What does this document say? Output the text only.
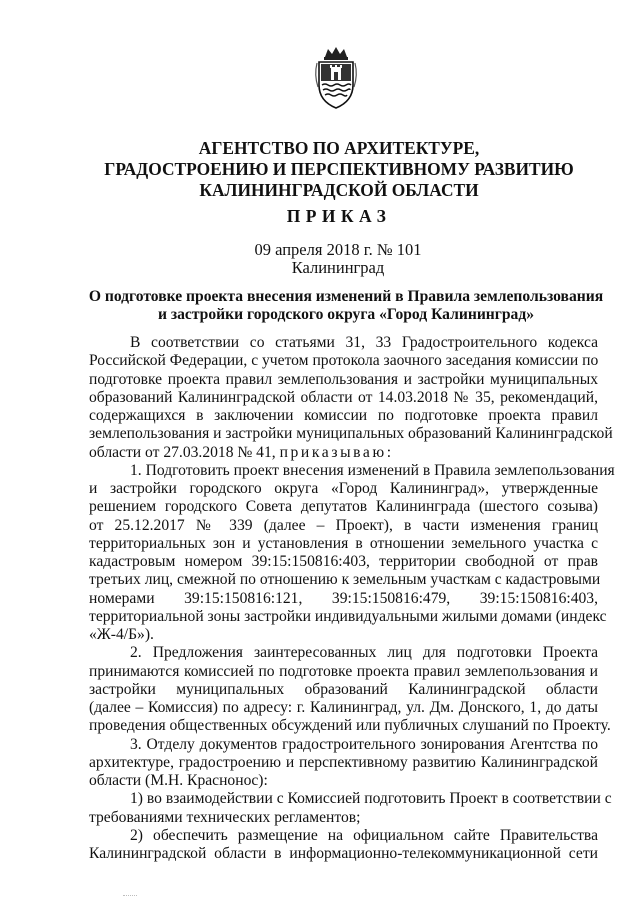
АГЕНТСТВО ПО АРХИТЕКТУРЕ,
ГРАДОСТРОЕНИЮ И ПЕРСПЕКТИВНОМУ РАЗВИТИЮ
КАЛИНИНГРАДСКОЙ ОБЛАСТИ
ПРИКАЗ
09 апреля 2018 г. № 101
Калининград
О подготовке проекта внесения изменений в Правила землепользования
и застройки городского округа «Город Калининград»
В соответствии со статьями 31, 33 Градостроительного кодекса
Российской Федерации, с учетом протокола заочного заседания комиссии по
подготовке проекта правил землепользования и застройки муниципальных
образований Калининградской области от 14.03.2018 № 35, рекомендаций,
содержащихся в заключении комиссии по подготовке проекта правил
землепользования и застройки муниципальных образований Калининградской
области от 27.03.2018 № 41, приказываю:
1. Подготовить проект внесения изменений в Правила землепользования
и застройки городского округа «Город Калининград», утвержденные
решением городского Совета депутатов Калининграда (шестого созыва)
от 25.12.2017 № 339 (далее – Проект), в части изменения границ
территориальных зон и установления в отношении земельного участка с
кадастровым номером 39:15:150816:403, территории свободной от прав
третьих лиц, смежной по отношению к земельным участкам с кадастровыми
номерами 39:15:150816:121, 39:15:150816:479, 39:15:150816:403,
территориальной зоны застройки индивидуальными жилыми домами (индекс
«Ж-4/Б»).
2. Предложения заинтересованных лиц для подготовки Проекта
принимаются комиссией по подготовке проекта правил землепользования и
застройки муниципальных образований Калининградской области
(далее – Комиссия) по адресу: г. Калининград, ул. Дм. Донского, 1, до даты
проведения общественных обсуждений или публичных слушаний по Проекту.
3. Отделу документов градостроительного зонирования Агентства по
архитектуре, градостроению и перспективному развитию Калининградской
области (М.Н. Красноноc):
1) во взаимодействии с Комиссией подготовить Проект в соответствии с
требованиями технических регламентов;
2) обеспечить размещение на официальном сайте Правительства
Калининградской области в информационно-телекоммуникационной сети
